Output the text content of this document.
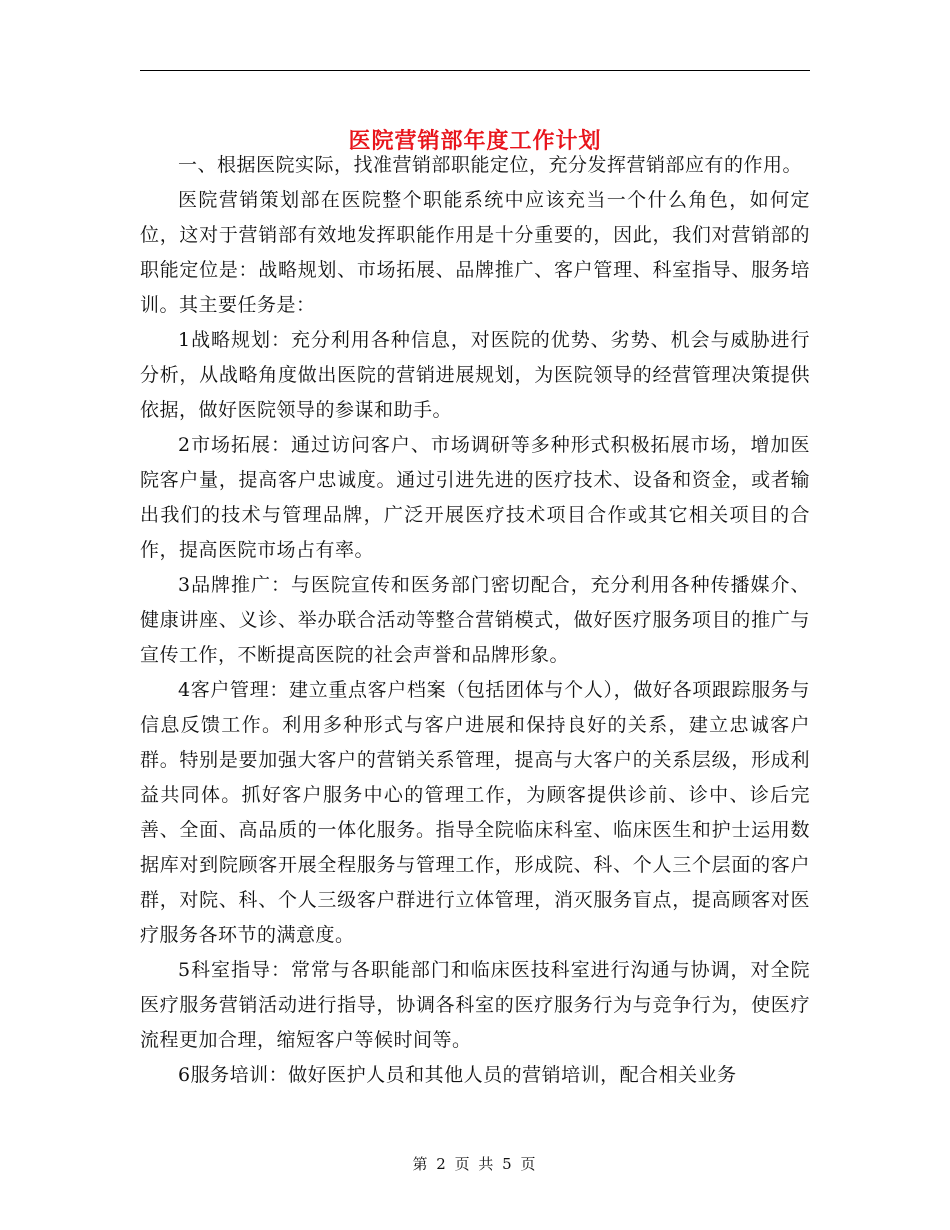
医院营销部年度工作计划

一、根据医院实际，找准营销部职能定位，充分发挥营销部应有的作用。

医院营销策划部在医院整个职能系统中应该充当一个什么角色，如何定位，这对于营销部有效地发挥职能作用是十分重要的，因此，我们对营销部的职能定位是：战略规划、市场拓展、品牌推广、客户管理、科室指导、服务培训。其主要任务是：

1战略规划：充分利用各种信息，对医院的优势、劣势、机会与威胁进行分析，从战略角度做出医院的营销进展规划，为医院领导的经营管理决策提供依据，做好医院领导的参谋和助手。

2市场拓展：通过访问客户、市场调研等多种形式积极拓展市场，增加医院客户量，提高客户忠诚度。通过引进先进的医疗技术、设备和资金，或者输出我们的技术与管理品牌，广泛开展医疗技术项目合作或其它相关项目的合作，提高医院市场占有率。

3品牌推广：与医院宣传和医务部门密切配合，充分利用各种传播媒介、健康讲座、义诊、举办联合活动等整合营销模式，做好医疗服务项目的推广与宣传工作，不断提高医院的社会声誉和品牌形象。

4客户管理：建立重点客户档案（包括团体与个人），做好各项跟踪服务与信息反馈工作。利用多种形式与客户进展和保持良好的关系，建立忠诚客户群。特别是要加强大客户的营销关系管理，提高与大客户的关系层级，形成利益共同体。抓好客户服务中心的管理工作，为顾客提供诊前、诊中、诊后完善、全面、高品质的一体化服务。指导全院临床科室、临床医生和护士运用数据库对到院顾客开展全程服务与管理工作，形成院、科、个人三个层面的客户群，对院、科、个人三级客户群进行立体管理，消灭服务盲点，提高顾客对医疗服务各环节的满意度。

5科室指导：常常与各职能部门和临床医技科室进行沟通与协调，对全院医疗服务营销活动进行指导，协调各科室的医疗服务行为与竞争行为，使医疗流程更加合理，缩短客户等候时间等。

6服务培训：做好医护人员和其他人员的营销培训，配合相关业务

第 2 页 共 5 页
